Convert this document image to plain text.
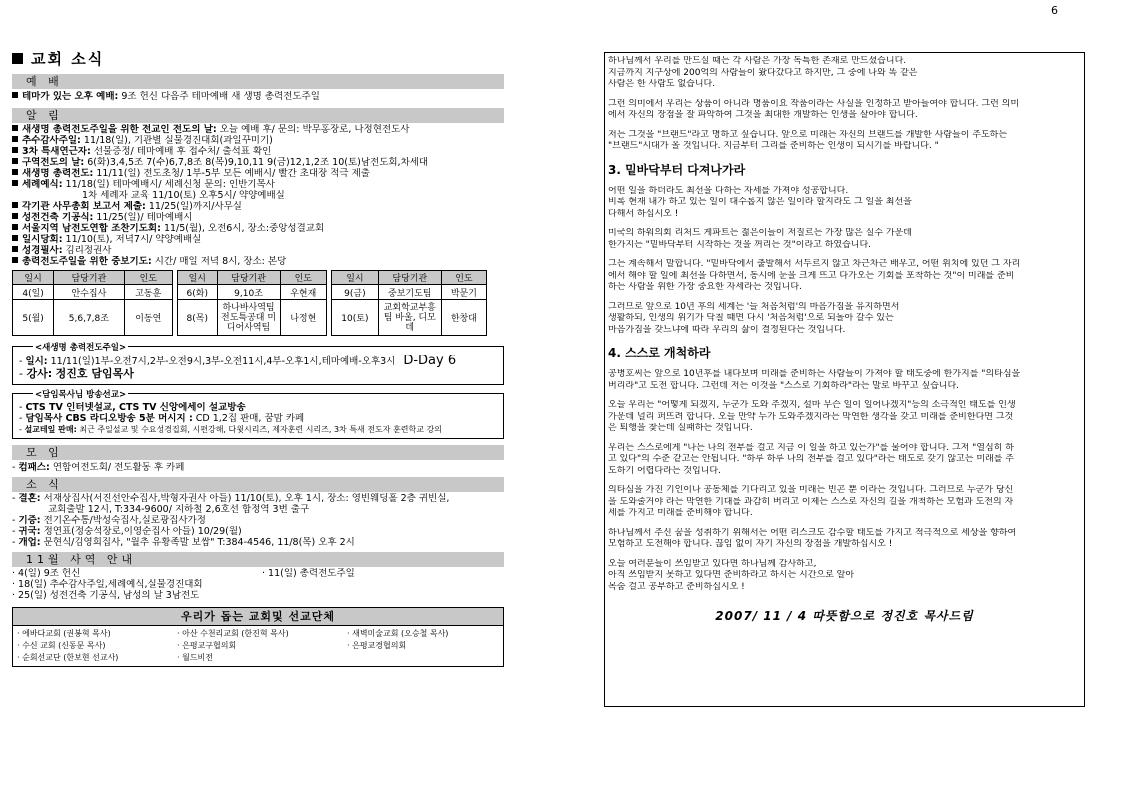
6
교회 소식
예 배
테마가 있는 오후 예배: 9조 헌신 다음주 테마예배 새 생명 총력전도주일
알 림
새생명 총력전도주일을 위한 전교인 전도의 날: 오늘 예배 후/ 문의: 박무홍장로, 나정현전도사
추수감사주일: 11/18(일), 기관별 실물경진대회(과일꾸미기)
3차 특새연근자: 선물증정/ 테마예배 후 접수처/ 출석표 확인
구역전도의 날: 6(화)3,4,5조 7(수)6,7,8조 8(목)9,10,11 9(금)12,1,2조 10(토)남전도회,차세대
새생명 총력전도: 11/11(일) 전도초청/ 1부-5부 모든 예배시/ 빨간 초대장 적극 제출
세례예식: 11/18(일) 테마예배시/ 세례신청 문의: 인반기목사
1차 세례자 교육 11/10(토) 오후5시/ 약양예배실
각기관 사무총회 보고서 제출: 11/25(일)까지/사무실
성전건축 기공식: 11/25(일)/ 테마예배시
서울지역 남전도연합 조찬기도회: 11/5(월), 오전6시, 장소:중앙성결교회
일시당회: 11/10(토), 저녁7시/ 약양예배실
성경필사: 김리정권사
총력전도주일을 위한 중보기도: 시간/ 매일 저녁 8시, 장소: 본당
일시	담당기관	인도
4(일)	안수집사	고동훈
5(월)	5,6,7,8조	이동연
일시	담당기관	인도
6(화)	9,10조	우현재
8(목)	하나바사역팀 전도특공대 미디어사역팀	나정현
일시	담당기관	인도
9(금)	중보기도팀	박문기
10(토)	교회학교부흥팀 바울, 디모데	한창대
<새생명 총력전도주일>
- 일시: 11/11(일)1부-오전7시,2부-오전9시,3부-오전11시,4부-오후1시,테마예배-오후3시 D-Day 6
- 강사: 정진호 담임목사
<담임목사님 방송선교>
- CTS TV 인터넷설교, CTS TV 신앙에세이 설교방송
- 담임목사 CBS 라디오방송 5분 머시지 : CD 1,2집 판매, 꿈맘 카페
- 설교테잎 판매: 최근 주일설교 및 수요성경집회, 시편강해, 다윗시리즈, 제자훈련 시리즈, 3차 특새 전도자 훈련학교 강의
모 임
- 컴패스: 연합여전도회/ 전도활동 후 카페
소 식
- 결혼: 서재상집사(서진선안수집사,박형자권사 아들) 11/10(토), 오후 1시, 장소: 영빈웨딩홀 2층 귀빈실,
교회출발 12시, T:334-9600/ 지하철 2,6호선 합정역 3번 출구
- 기증: 전기온수통/박성숙집사,실로광집사가정
- 귀국: 정연표(정숭석장로,이영순집사 아들) 10/29(월)
- 개업: 문현식/김영희집사, "월추 유황족발 보쌈" T:384-4546, 11/8(목) 오후 2시
11월 사역 안내
· 4(일) 9조 헌신	· 11(일) 총력전도주일
· 18(일) 추수감사주일,세례예식,실물경진대회
· 25(일) 성전건축 기공식, 남성의 날 3남전도
우리가 돕는 교회및 선교단체
· 에바다교회 (권봉혁 목사)	· 아산 수천리교회 (한진혁 목사)	· 새벽미술교회 (오승철 목사)
· 수신 교회 (신동문 목사)	· 은평교구협의회	· 은평교경협의회
· 순회선교단 (한보현 선교사)	· 월드비전
하나님께서 우리를 만드실 때는 각 사람은 가장 독특한 존재로 만드셨습니다.
지금까지 지구상에 200억의 사람들이 왔다갔다고 하지만, 그 중에 나와 똑 같은
사람은 한 사람도 없습니다.
그런 의미에서 우리는 상품이 아니라 명품이요 작품이라는 사실을 인정하고 받아들여야 합니다. 그런 의미
에서 자신의 장점을 잘 파악하여 그것을 최대한 개발하는 인생을 살아야 합니다.
저는 그것을 "브랜드"라고 명하고 싶습니다. 앞으로 미래는 자신의 브랜드를 개발한 사람들이 주도하는
"브랜드"시대가 올 것입니다. 지금부터 그리를 준비하는 인생이 되시기를 바랍니다. "
3. 밑바닥부터 다져나가라
어떤 일을 하더라도 최선을 다하는 자세를 가져야 성공합니다.
비록 현재 내가 하고 있는 일이 대수롭지 않은 일이라 할지라도 그 일을 최선을
다해서 하십시오 !
미국의 하워의회 리처드 게파트는 젊은이들이 저질르는 가장 많은 실수 가운데
한가지는 "밑바닥부터 시작하는 것을 꺼리는 것"이라고 하였습니다.
그는 계속해서 말합니다. "밑바닥에서 출발해서 서두르지 않고 차근차근 배우고, 어떤 위치에 있던 그 자리
에서 해야 할 일에 최선을 다하면서, 동시에 눈을 크게 뜨고 다가오는 기회를 포착하는 것"이 미래를 준비
하는 사람을 위한 가장 중요한 자세라는 것입니다.
그러므로 앞으로 10년 후의 세계는 '늘 처음처럼'의 마음가짐을 유지하면서
생활하되, 인생의 위기가 닥칠 때면 다시 '처음처럼'으로 되돌아 갈수 있는
마음가짐을 갖느냐에 따라 우리의 삶이 결정된다는 것입니다.
4. 스스로 개척하라
공병호씨는 앞으로 10년후를 내다보며 미래를 준비하는 사람들이 가져야 할 태도중에 한가지를 "의타심을
버리라"고 도전 합니다. 그런데 저는 이것을 "스스로 기회하라"라는 말로 바꾸고 싶습니다.
오늘 우리는 "어떻게 되겠지, 누군가 도와 주겠지, 설마 무슨 일이 일어나겠지"등의 소극적인 태도를 인생
가운데 널리 퍼뜨려 합니다. 오늘 만약 누가 도와주겠지라는 막연한 생각을 갖고 미래를 준비한다면 그것
은 퇴행을 찾는데 실패하는 것입니다.
우리는 스스로에게 "나는 나의 전부를 걸고 지금 이 일을 하고 있는가"를 물어야 합니다. 그저 "열심히 하
고 있다"의 수준 같고는 안됩니다. "하루 하루 나의 전부를 걸고 있다"라는 태도로 갖기 않고는 미래를 주
도하기 어렵다라는 것입니다.
의타심을 가진 기인이나 공동체를 기다리고 있을 미래는 빈곤 뿐 이라는 것입니다. 그러므로 누군가 당신
을 도와줄거야 라는 막연한 기대를 과감히 버리고 이제는 스스로 자신의 길을 개척하는 모험과 도전의 자
세를 가지고 미래를 준비해야 합니다.
하나님께서 주신 꿈을 성취하기 위해서는 어떤 리스크도 감수할 태도를 가지고 적극적으로 세상을 향하여
모험하고 도전해야 합니다. 끊임 없이 자기 자신의 장점을 개발하십시오 !
오늘 여러분들이 쓰임받고 있다면 하나님께 감사하고,
아직 쓰임받지 못하고 있다면 준비하라고 하시는 시간으로 알아
목숨 걸고 공부하고 준비하십시오 !
2007/ 11 / 4 따뜻함으로 정진호 목사드림
